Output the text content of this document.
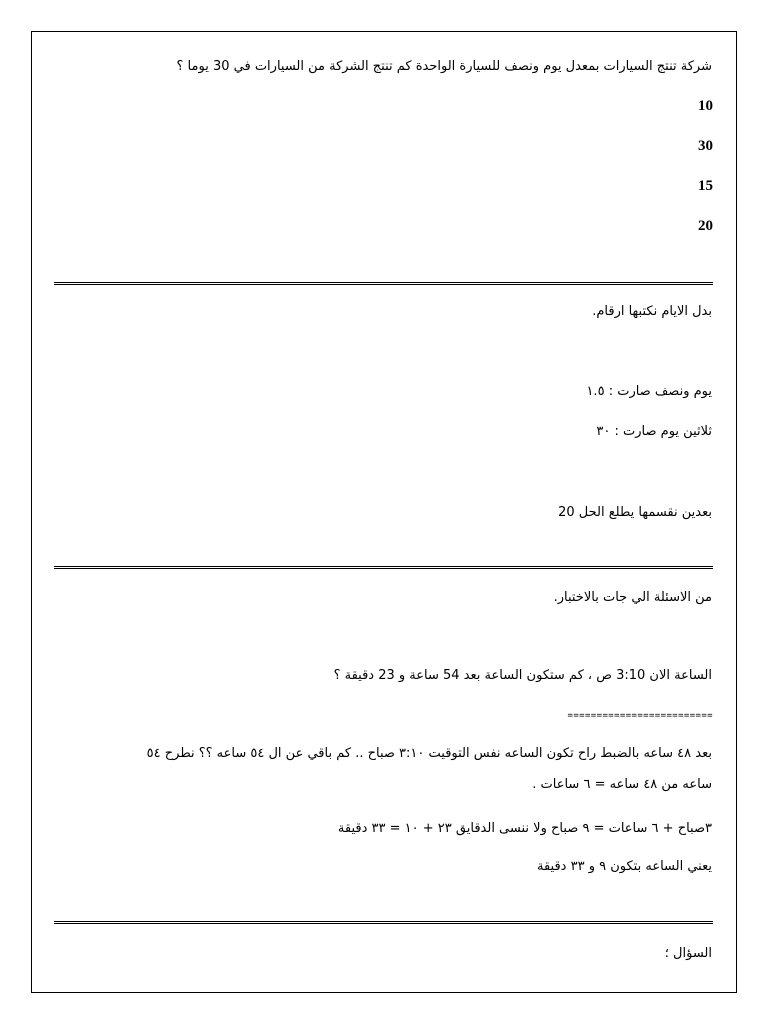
شركة تنتج السيارات بمعدل يوم ونصف للسيارة الواحدة كم تنتج الشركة من السيارات في 30 يوما ؟
10
30
15
20
بدل الايام نكتبها ارقام.
يوم ونصف صارت : ١.٥
ثلاثين يوم صارت : ٣٠
بعدين نقسمها يطلع الحل 20
من الاسئلة الي جات بالاختبار.
الساعة الان 3:10 ص ، كم ستكون الساعة بعد 54 ساعة و 23 دقيقة ؟
=========================
بعد ٤٨ ساعه بالضبط راح تكون الساعه نفس التوقيت ٣:١٠ صباح .. كم باقي عن ال ٥٤ ساعه ؟؟ نطرح ٥٤
ساعه من ٤٨ ساعه = ٦ ساعات .
٣صباح + ٦ ساعات = ٩ صباح ولا ننسى الدقايق ٢٣ + ١٠ = ٣٣ دقيقة
يعني الساعه بتكون ٩ و ٣٣ دقيقة
السؤال ؛
